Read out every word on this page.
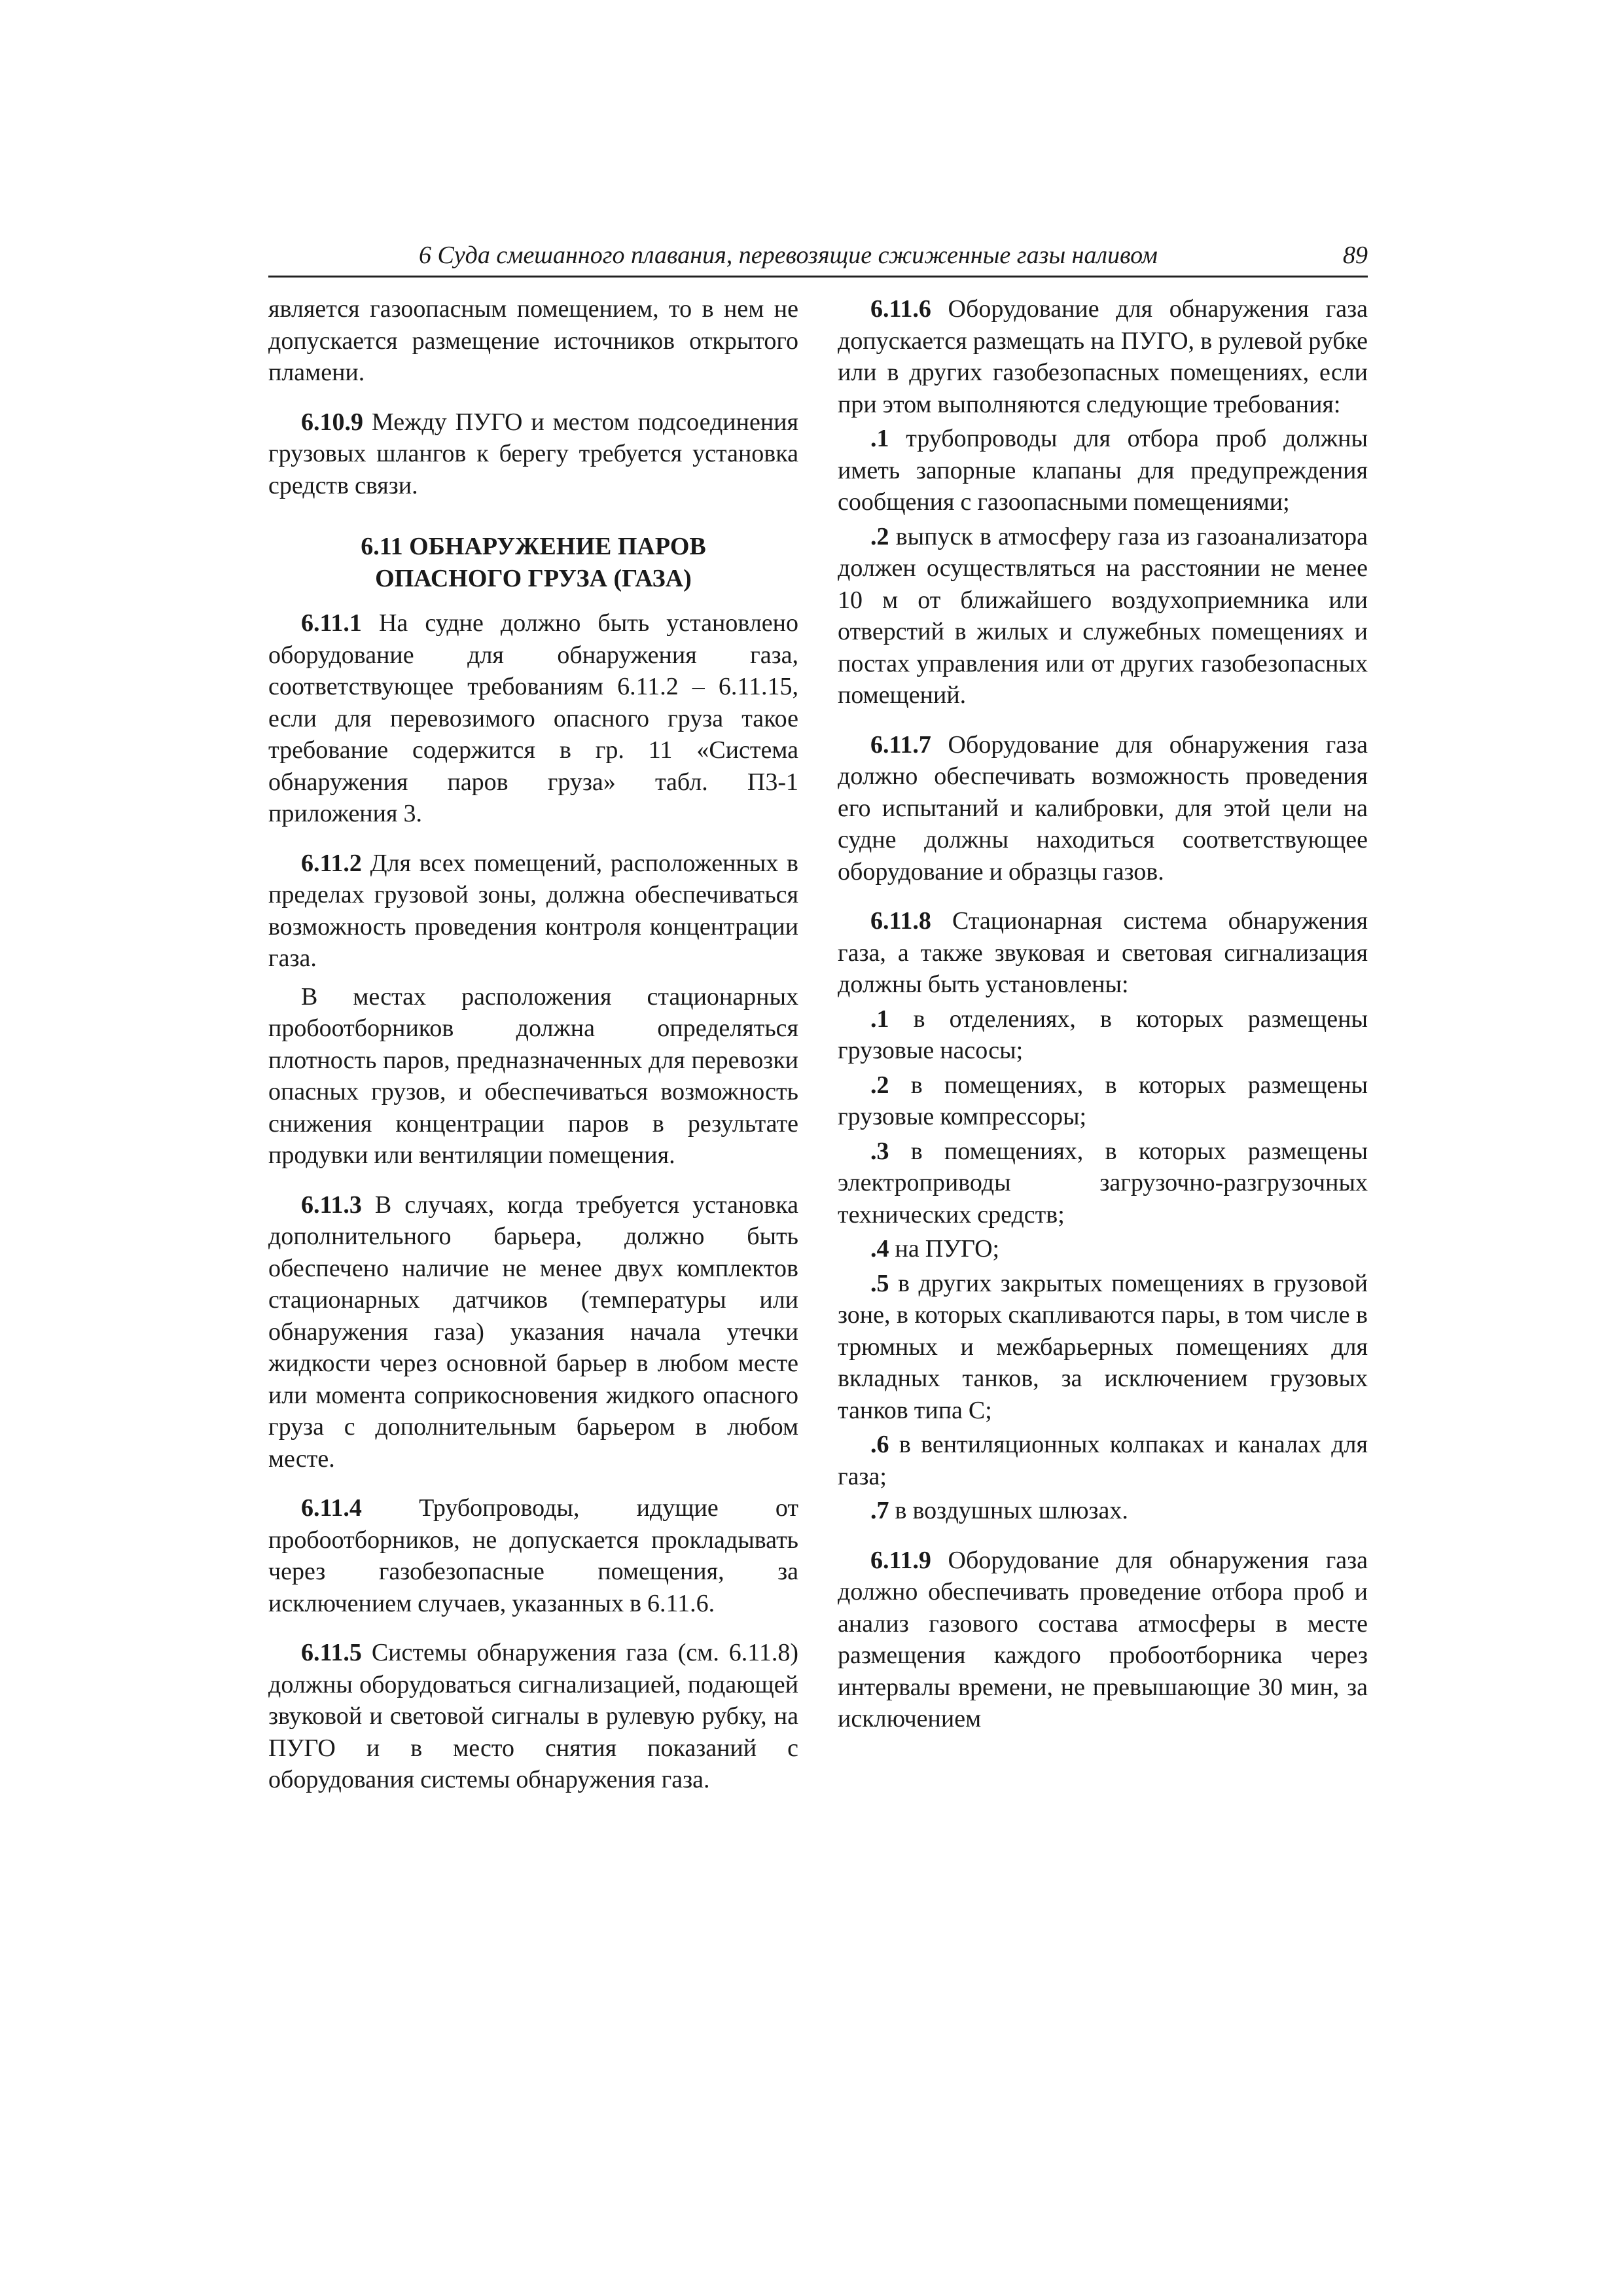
6 Суда смешанного плавания, перевозящие сжиженные газы наливом	89

является газоопасным помещением, то в нем не допускается размещение источников открытого пламени.

6.10.9 Между ПУГО и местом подсоединения грузовых шлангов к берегу требуется установка средств связи.

6.11 ОБНАРУЖЕНИЕ ПАРОВ
ОПАСНОГО ГРУЗА (ГАЗА)

6.11.1 На судне должно быть установлено оборудование для обнаружения газа, соответствующее требованиям 6.11.2 – 6.11.15, если для перевозимого опасного груза такое требование содержится в гр. 11 «Система обнаружения паров груза» табл. П3-1 приложения 3.

6.11.2 Для всех помещений, расположенных в пределах грузовой зоны, должна обеспечиваться возможность проведения контроля концентрации газа.

В местах расположения стационарных пробоотборников должна определяться плотность паров, предназначенных для перевозки опасных грузов, и обеспечиваться возможность снижения концентрации паров в результате продувки или вентиляции помещения.

6.11.3 В случаях, когда требуется установка дополнительного барьера, должно быть обеспечено наличие не менее двух комплектов стационарных датчиков (температуры или обнаружения газа) указания начала утечки жидкости через основной барьер в любом месте или момента соприкосновения жидкого опасного груза с дополнительным барьером в любом месте.

6.11.4 Трубопроводы, идущие от пробоотборников, не допускается прокладывать через газобезопасные помещения, за исключением случаев, указанных в 6.11.6.

6.11.5 Системы обнаружения газа (см. 6.11.8) должны оборудоваться сигнализацией, подающей звуковой и световой сигналы в рулевую рубку, на ПУГО и в место снятия показаний с оборудования системы обнаружения газа.

6.11.6 Оборудование для обнаружения газа допускается размещать на ПУГО, в рулевой рубке или в других газобезопасных помещениях, если при этом выполняются следующие требования:

.1 трубопроводы для отбора проб должны иметь запорные клапаны для предупреждения сообщения с газоопасными помещениями;

.2 выпуск в атмосферу газа из газоанализатора должен осуществляться на расстоянии не менее 10 м от ближайшего воздухоприемника или отверстий в жилых и служебных помещениях и постах управления или от других газобезопасных помещений.

6.11.7 Оборудование для обнаружения газа должно обеспечивать возможность проведения его испытаний и калибровки, для этой цели на судне должны находиться соответствующее оборудование и образцы газов.

6.11.8 Стационарная система обнаружения газа, а также звуковая и световая сигнализация должны быть установлены:

.1 в отделениях, в которых размещены грузовые насосы;

.2 в помещениях, в которых размещены грузовые компрессоры;

.3 в помещениях, в которых размещены электроприводы загрузочно-разгрузочных технических средств;

.4 на ПУГО;

.5 в других закрытых помещениях в грузовой зоне, в которых скапливаются пары, в том числе в трюмных и межбарьерных помещениях для вкладных танков, за исключением грузовых танков типа С;

.6 в вентиляционных колпаках и каналах для газа;

.7 в воздушных шлюзах.

6.11.9 Оборудование для обнаружения газа должно обеспечивать проведение отбора проб и анализ газового состава атмосферы в месте размещения каждого пробоотборника через интервалы времени, не превышающие 30 мин, за исключением
